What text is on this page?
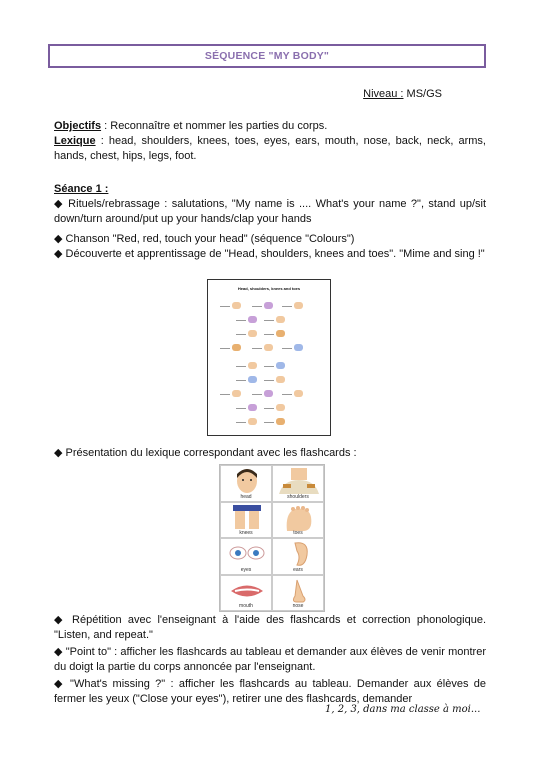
SÉQUENCE "MY BODY"
Niveau : MS/GS
Objectifs : Reconnaître et nommer les parties du corps.
Lexique : head, shoulders, knees, toes, eyes, ears, mouth, nose, back, neck, arms, hands, chest, hips, legs, foot.
Séance 1 :
◆ Rituels/rebrassage : salutations, "My name is .... What's your name ?", stand up/sit down/turn around/put up your hands/clap your hands
◆ Chanson "Red, red, touch your head" (séquence "Colours")
◆ Découverte et apprentissage de "Head, shoulders, knees and toes". "Mime and sing !"
Head, shoulders, knees and toes
◆ Présentation du lexique correspondant avec les flashcards :
head	shoulders
knees	toes
eyes	ears
mouth	nose
◆ Répétition avec l'enseignant à l'aide des flashcards et correction phonologique. "Listen, and repeat."
◆ "Point to" : afficher les flashcards au tableau et demander aux élèves de venir montrer du doigt la partie du corps annoncée par l'enseignant.
◆ "What's missing ?" : afficher les flashcards au tableau. Demander aux élèves de fermer les yeux ("Close your eyes"), retirer une des flashcards, demander
1, 2, 3, dans ma classe à moi...
